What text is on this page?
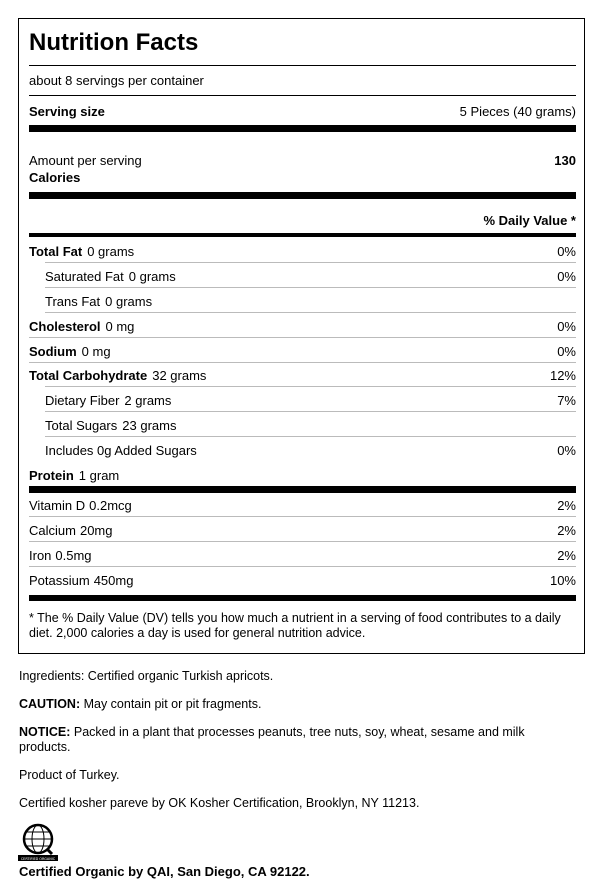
Nutrition Facts
about 8 servings per container
Serving size	5 Pieces (40 grams)
Amount per serving	130
Calories
% Daily Value *
Total Fat 0 grams	0%
Saturated Fat 0 grams	0%
Trans Fat 0 grams
Cholesterol 0 mg	0%
Sodium 0 mg	0%
Total Carbohydrate 32 grams	12%
Dietary Fiber 2 grams	7%
Total Sugars 23 grams
Includes 0g Added Sugars	0%
Protein 1 gram
Vitamin D 0.2mcg	2%
Calcium 20mg	2%
Iron 0.5mg	2%
Potassium 450mg	10%
* The % Daily Value (DV) tells you how much a nutrient in a serving of food contributes to a daily diet. 2,000 calories a day is used for general nutrition advice.
Ingredients: Certified organic Turkish apricots.
CAUTION: May contain pit or pit fragments.
NOTICE: Packed in a plant that processes peanuts, tree nuts, soy, wheat, sesame and milk products.
Product of Turkey.
Certified kosher pareve by OK Kosher Certification, Brooklyn, NY 11213.
CERTIFIED ORGANIC
Certified Organic by QAI, San Diego, CA 92122.
